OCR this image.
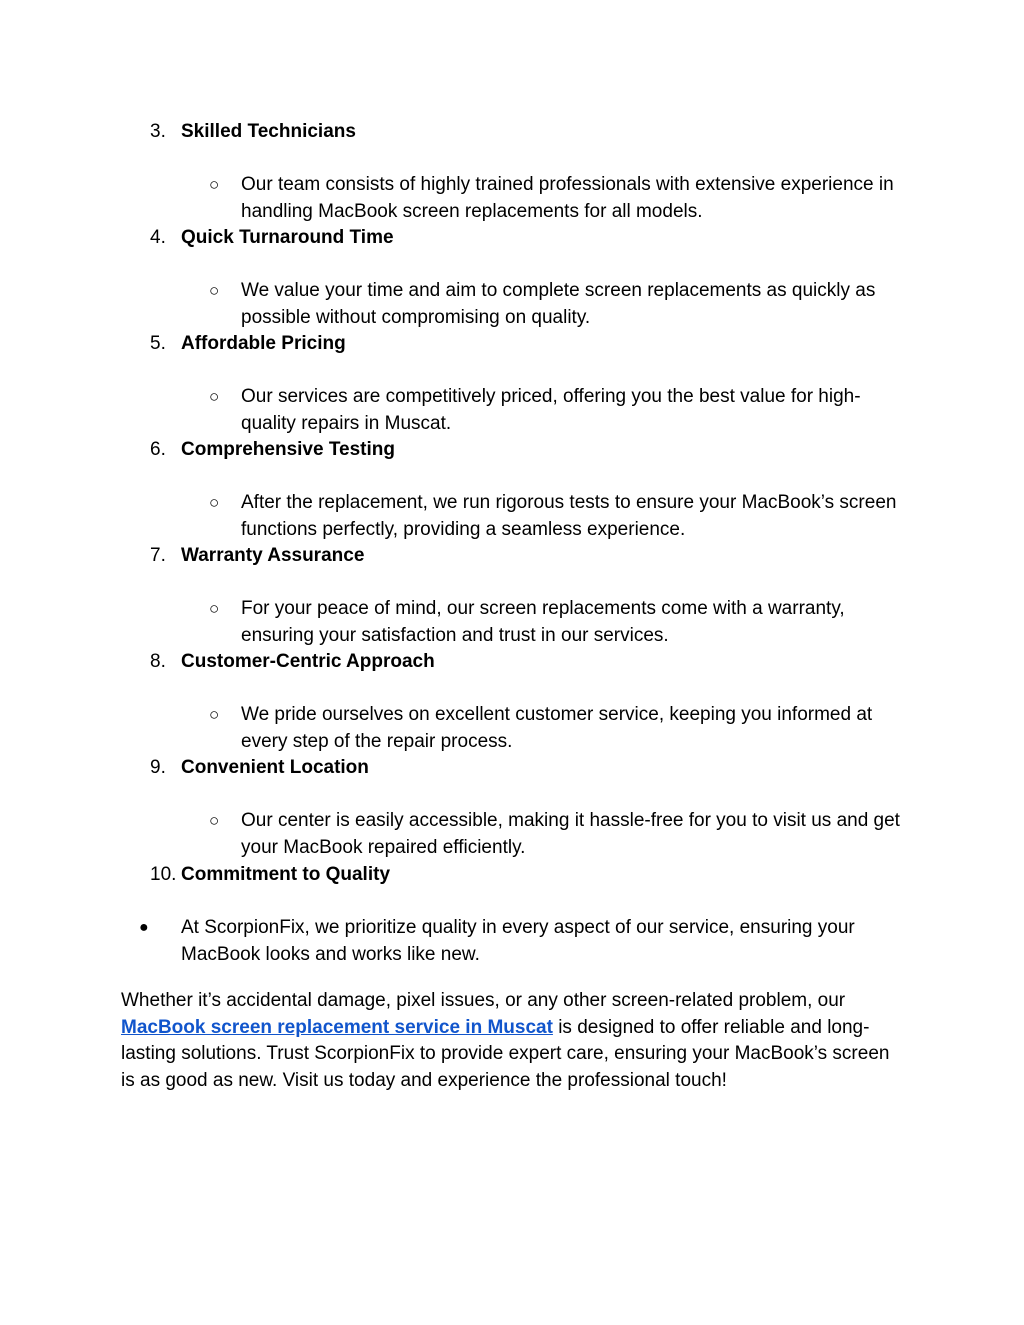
3. Skilled Technicians
○ Our team consists of highly trained professionals with extensive experience in handling MacBook screen replacements for all models.
4. Quick Turnaround Time
○ We value your time and aim to complete screen replacements as quickly as possible without compromising on quality.
5. Affordable Pricing
○ Our services are competitively priced, offering you the best value for high-quality repairs in Muscat.
6. Comprehensive Testing
○ After the replacement, we run rigorous tests to ensure your MacBook’s screen functions perfectly, providing a seamless experience.
7. Warranty Assurance
○ For your peace of mind, our screen replacements come with a warranty, ensuring your satisfaction and trust in our services.
8. Customer-Centric Approach
○ We pride ourselves on excellent customer service, keeping you informed at every step of the repair process.
9. Convenient Location
○ Our center is easily accessible, making it hassle-free for you to visit us and get your MacBook repaired efficiently.
10. Commitment to Quality
● At ScorpionFix, we prioritize quality in every aspect of our service, ensuring your MacBook looks and works like new.

Whether it’s accidental damage, pixel issues, or any other screen-related problem, our MacBook screen replacement service in Muscat is designed to offer reliable and long-lasting solutions. Trust ScorpionFix to provide expert care, ensuring your MacBook’s screen is as good as new. Visit us today and experience the professional touch!
